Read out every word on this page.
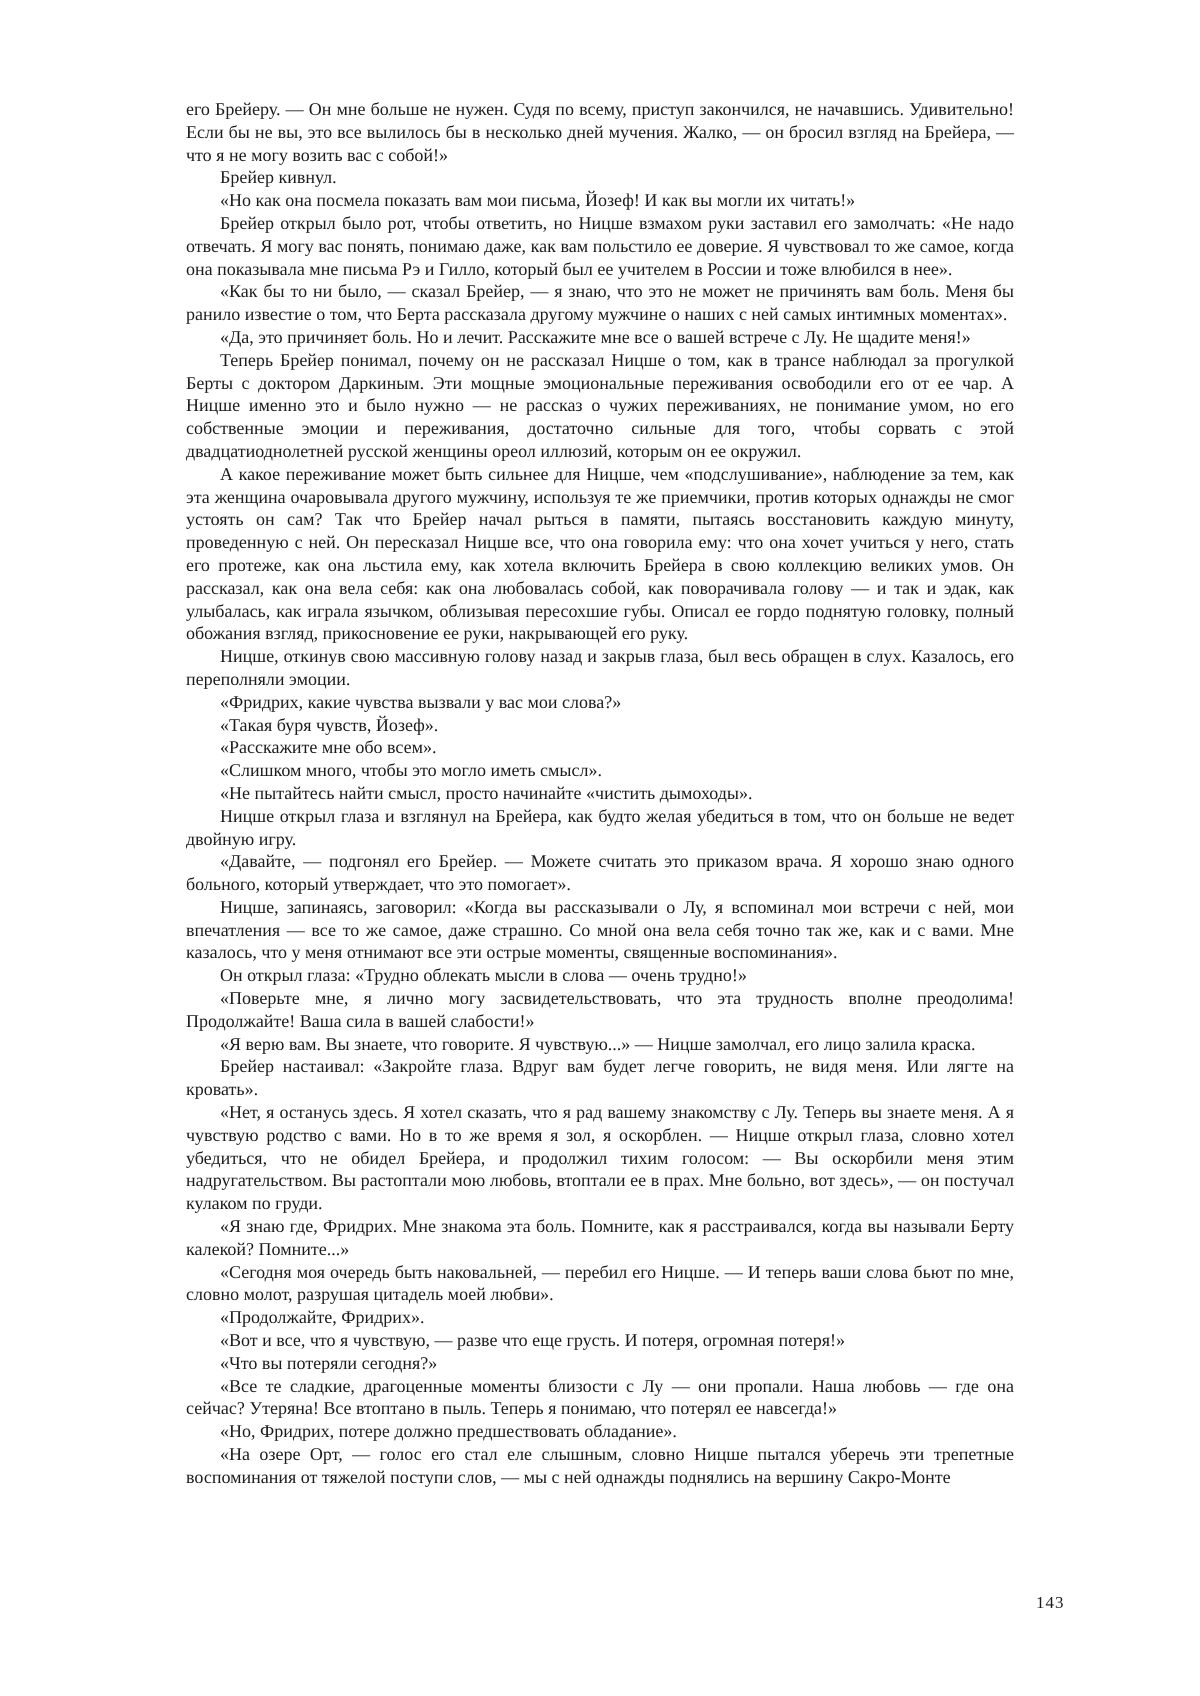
его Брейеру. — Он мне больше не нужен. Судя по всему, приступ закончился, не начавшись. Удивительно! Если бы не вы, это все вылилось бы в несколько дней мучения. Жалко, — он бросил взгляд на Брейера, — что я не могу возить вас с собой!»

Брейер кивнул.

«Но как она посмела показать вам мои письма, Йозеф! И как вы могли их читать!»

Брейер открыл было рот, чтобы ответить, но Ницше взмахом руки заставил его замолчать: «Не надо отвечать. Я могу вас понять, понимаю даже, как вам польстило ее доверие. Я чувствовал то же самое, когда она показывала мне письма Рэ и Гилло, который был ее учителем в России и тоже влюбился в нее».

«Как бы то ни было, — сказал Брейер, — я знаю, что это не может не причинять вам боль. Меня бы ранило известие о том, что Берта рассказала другому мужчине о наших с ней самых интимных моментах».

«Да, это причиняет боль. Но и лечит. Расскажите мне все о вашей встрече с Лу. Не щадите меня!»

Теперь Брейер понимал, почему он не рассказал Ницше о том, как в трансе наблюдал за прогулкой Берты с доктором Даркиным. Эти мощные эмоциональные переживания освободили его от ее чар. А Ницше именно это и было нужно — не рассказ о чужих переживаниях, не понимание умом, но его собственные эмоции и переживания, достаточно сильные для того, чтобы сорвать с этой двадцатиоднолетней русской женщины ореол иллюзий, которым он ее окружил.

А какое переживание может быть сильнее для Ницше, чем «подслушивание», наблюдение за тем, как эта женщина очаровывала другого мужчину, используя те же приемчики, против которых однажды не смог устоять он сам? Так что Брейер начал рыться в памяти, пытаясь восстановить каждую минуту, проведенную с ней. Он пересказал Ницше все, что она говорила ему: что она хочет учиться у него, стать его протеже, как она льстила ему, как хотела включить Брейера в свою коллекцию великих умов. Он рассказал, как она вела себя: как она любовалась собой, как поворачивала голову — и так и эдак, как улыбалась, как играла язычком, облизывая пересохшие губы. Описал ее гордо поднятую головку, полный обожания взгляд, прикосновение ее руки, накрывающей его руку.

Ницше, откинув свою массивную голову назад и закрыв глаза, был весь обращен в слух. Казалось, его переполняли эмоции.

«Фридрих, какие чувства вызвали у вас мои слова?»

«Такая буря чувств, Йозеф».

«Расскажите мне обо всем».

«Слишком много, чтобы это могло иметь смысл».

«Не пытайтесь найти смысл, просто начинайте «чистить дымоходы».

Ницше открыл глаза и взглянул на Брейера, как будто желая убедиться в том, что он больше не ведет двойную игру.

«Давайте, — подгонял его Брейер. — Можете считать это приказом врача. Я хорошо знаю одного больного, который утверждает, что это помогает».

Ницше, запинаясь, заговорил: «Когда вы рассказывали о Лу, я вспоминал мои встречи с ней, мои впечатления — все то же самое, даже страшно. Со мной она вела себя точно так же, как и с вами. Мне казалось, что у меня отнимают все эти острые моменты, священные воспоминания».

Он открыл глаза: «Трудно облекать мысли в слова — очень трудно!»

«Поверьте мне, я лично могу засвидетельствовать, что эта трудность вполне преодолима! Продолжайте! Ваша сила в вашей слабости!»

«Я верю вам. Вы знаете, что говорите. Я чувствую...» — Ницше замолчал, его лицо залила краска.

Брейер настаивал: «Закройте глаза. Вдруг вам будет легче говорить, не видя меня. Или лягте на кровать».

«Нет, я останусь здесь. Я хотел сказать, что я рад вашему знакомству с Лу. Теперь вы знаете меня. А я чувствую родство с вами. Но в то же время я зол, я оскорблен. — Ницше открыл глаза, словно хотел убедиться, что не обидел Брейера, и продолжил тихим голосом: — Вы оскорбили меня этим надругательством. Вы растоптали мою любовь, втоптали ее в прах. Мне больно, вот здесь», — он постучал кулаком по груди.

«Я знаю где, Фридрих. Мне знакома эта боль. Помните, как я расстраивался, когда вы называли Берту калекой? Помните...»

«Сегодня моя очередь быть наковальней, — перебил его Ницше. — И теперь ваши слова бьют по мне, словно молот, разрушая цитадель моей любви».

«Продолжайте, Фридрих».

«Вот и все, что я чувствую, — разве что еще грусть. И потеря, огромная потеря!»

«Что вы потеряли сегодня?»

«Все те сладкие, драгоценные моменты близости с Лу — они пропали. Наша любовь — где она сейчас? Утеряна! Все втоптано в пыль. Теперь я понимаю, что потерял ее навсегда!»

«Но, Фридрих, потере должно предшествовать обладание».

«На озере Орт, — голос его стал еле слышным, словно Ницше пытался уберечь эти трепетные воспоминания от тяжелой поступи слов, — мы с ней однажды поднялись на вершину Сакро-Монте

143
